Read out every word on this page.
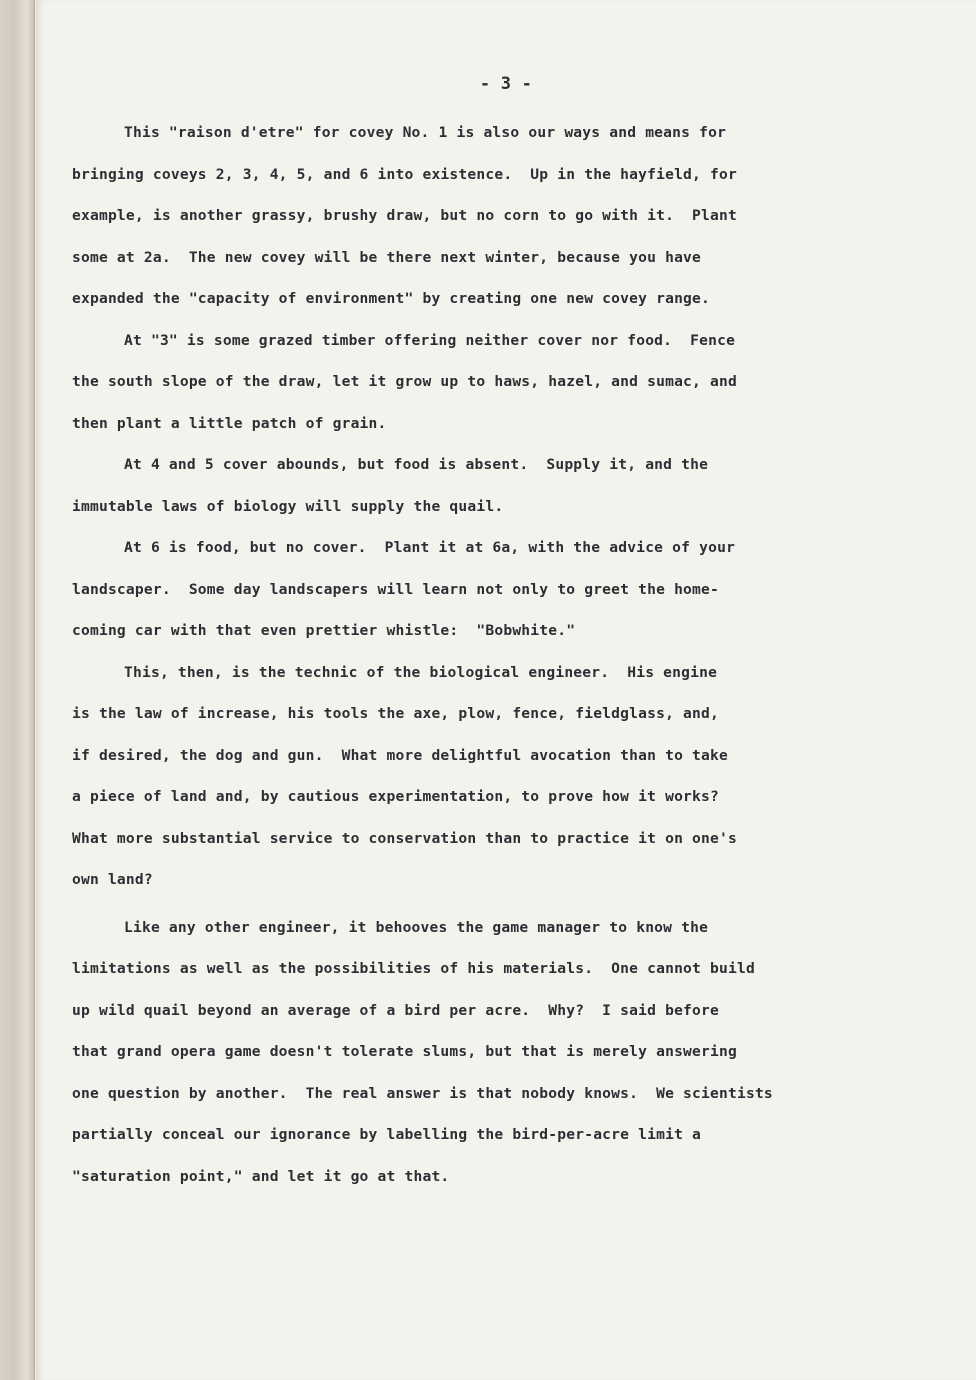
- 3 -
This "raison d'etre" for covey No. 1 is also our ways and means for
bringing coveys 2, 3, 4, 5, and 6 into existence.  Up in the hayfield, for
example, is another grassy, brushy draw, but no corn to go with it.  Plant
some at 2a.  The new covey will be there next winter, because you have
expanded the "capacity of environment" by creating one new covey range.
At "3" is some grazed timber offering neither cover nor food.  Fence
the south slope of the draw, let it grow up to haws, hazel, and sumac, and
then plant a little patch of grain.
At 4 and 5 cover abounds, but food is absent.  Supply it, and the
immutable laws of biology will supply the quail.
At 6 is food, but no cover.  Plant it at 6a, with the advice of your
landscaper.  Some day landscapers will learn not only to greet the home-
coming car with that even prettier whistle:  "Bobwhite."
This, then, is the technic of the biological engineer.  His engine
is the law of increase, his tools the axe, plow, fence, fieldglass, and,
if desired, the dog and gun.  What more delightful avocation than to take
a piece of land and, by cautious experimentation, to prove how it works?
What more substantial service to conservation than to practice it on one's
own land?
Like any other engineer, it behooves the game manager to know the
limitations as well as the possibilities of his materials.  One cannot build
up wild quail beyond an average of a bird per acre.  Why?  I said before
that grand opera game doesn't tolerate slums, but that is merely answering
one question by another.  The real answer is that nobody knows.  We scientists
partially conceal our ignorance by labelling the bird-per-acre limit a
"saturation point," and let it go at that.
